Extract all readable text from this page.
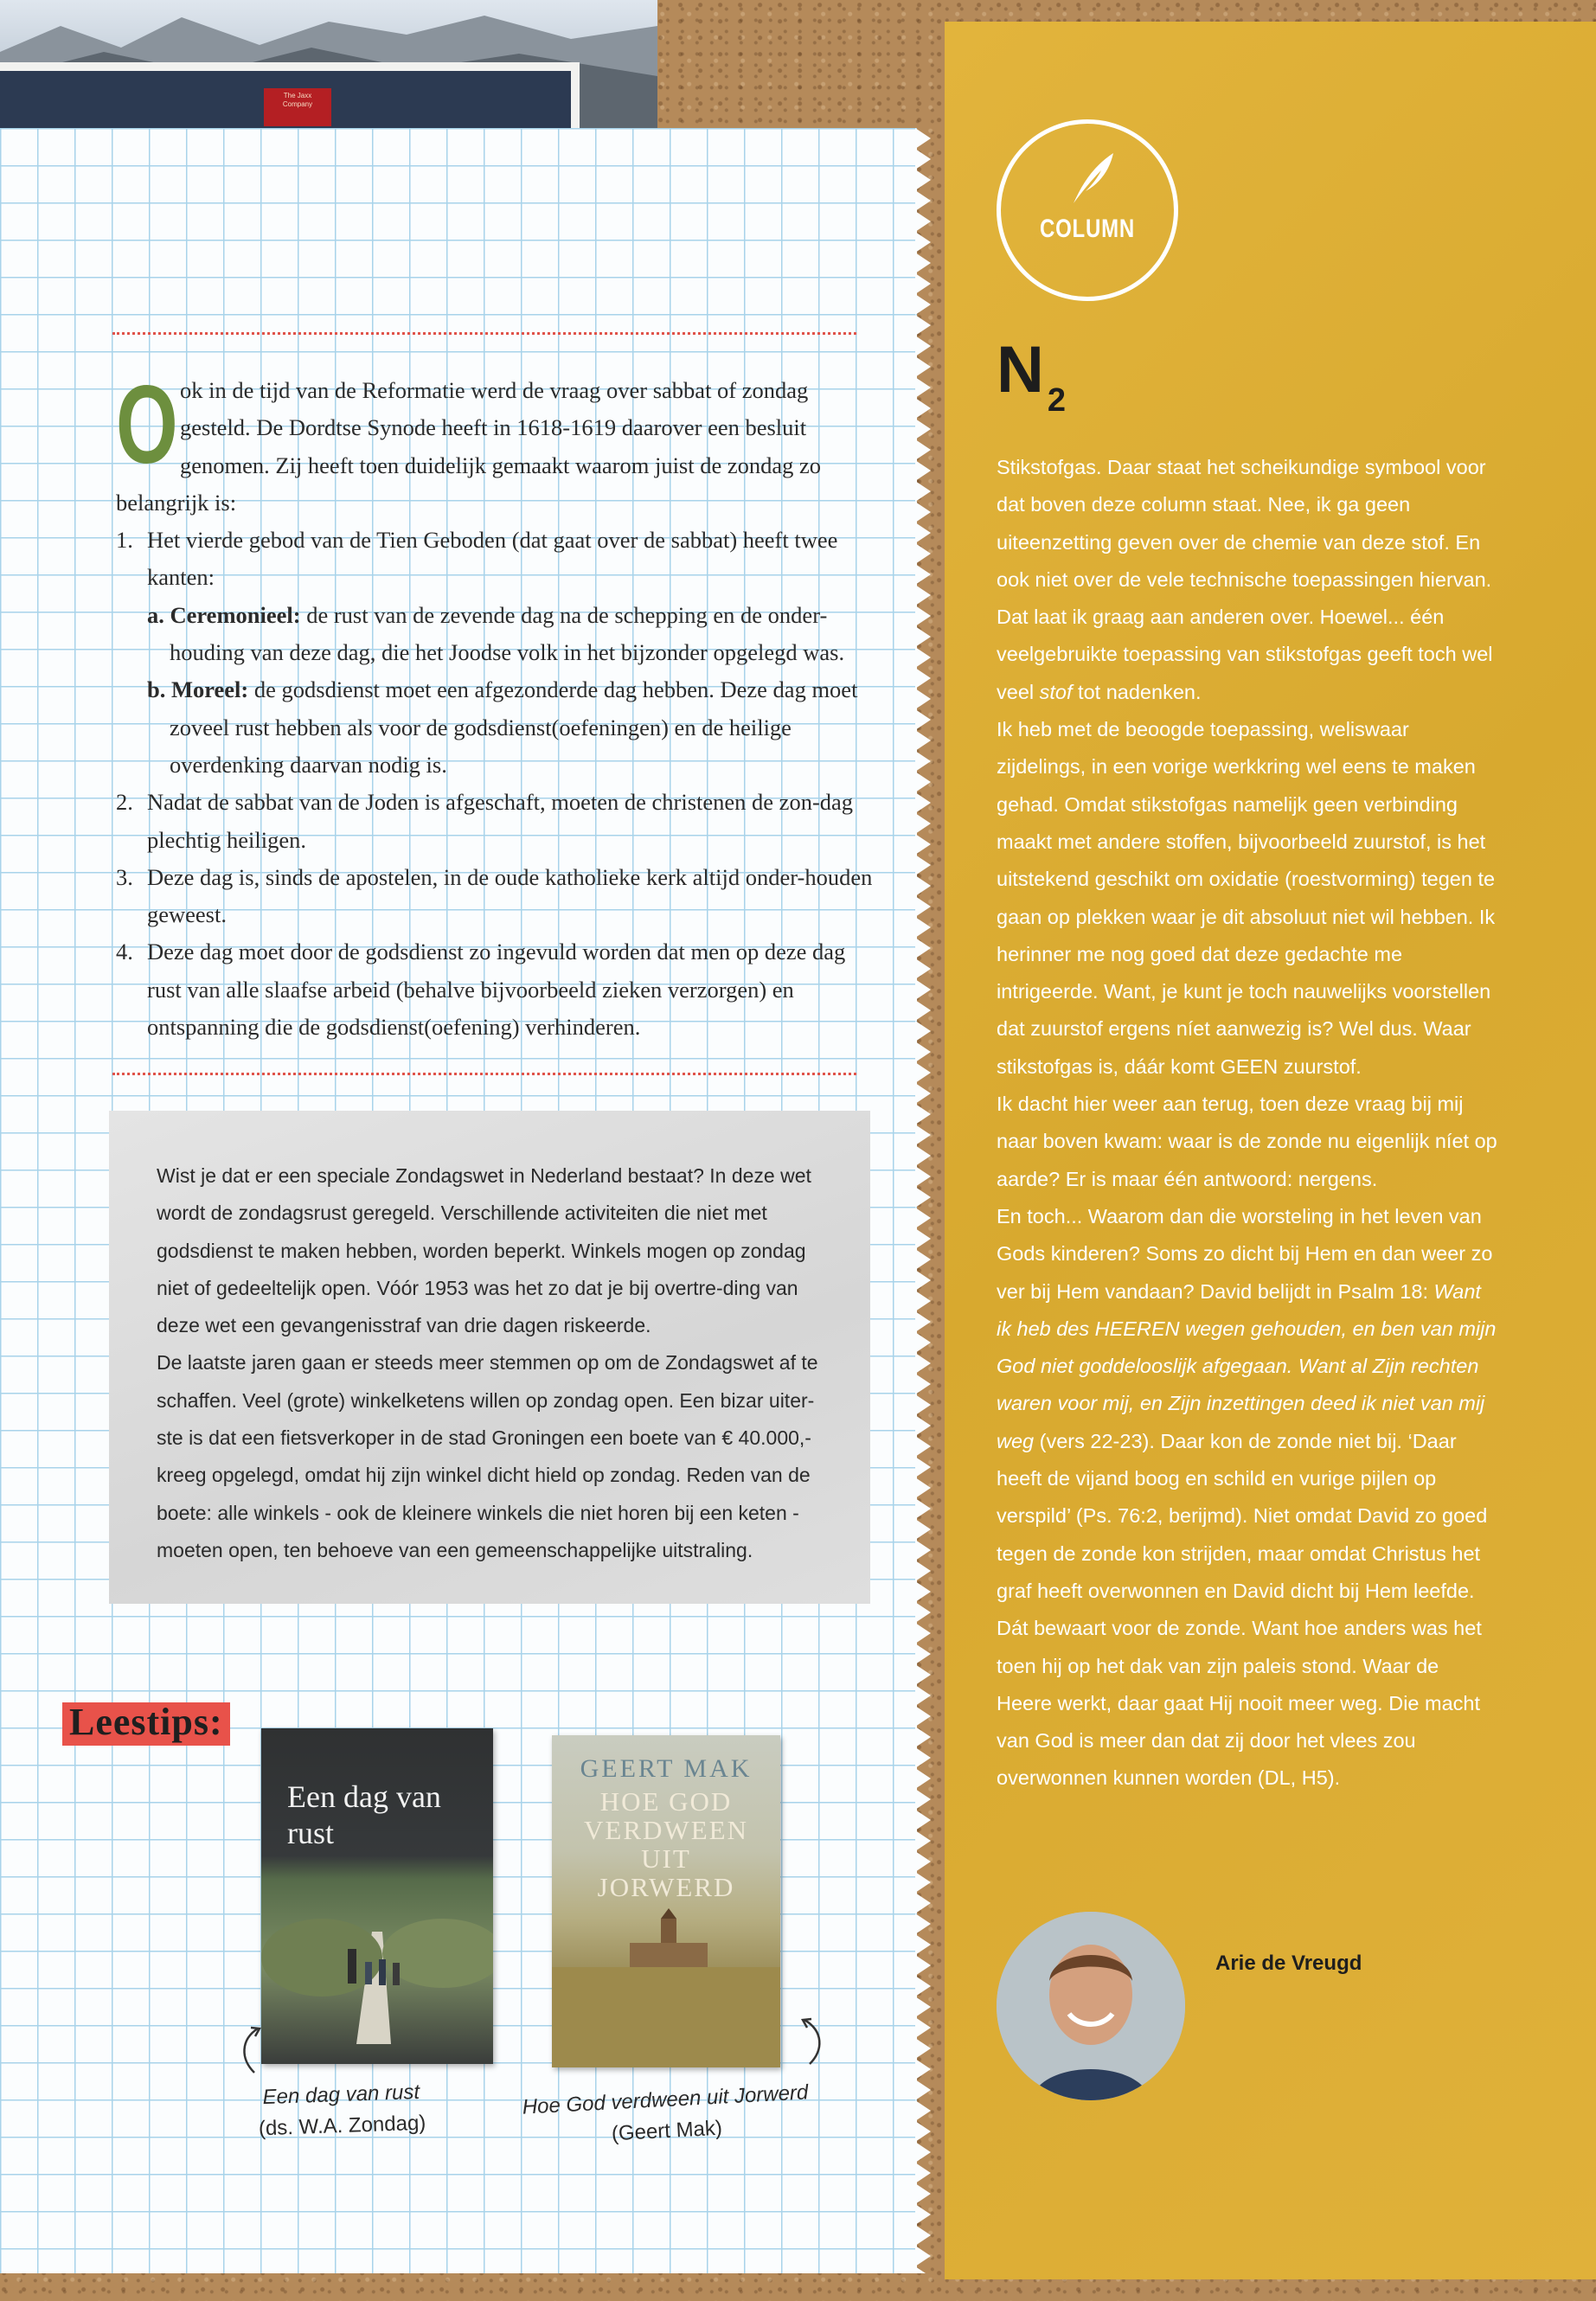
The Jaxx Company
O ok in de tijd van de Reformatie werd de vraag over sabbat of zondag gesteld. De Dordtse Synode heeft in 1618-1619 daarover een besluit genomen. Zij heeft toen duidelijk gemaakt waarom juist de zondag zo belangrijk is:

1. Het vierde gebod van de Tien Geboden (dat gaat over de sabbat) heeft twee kanten:
a. Ceremonieel: de rust van de zevende dag na de schepping en de onder-houding van deze dag, die het Joodse volk in het bijzonder opgelegd was.
b. Moreel: de godsdienst moet een afgezonderde dag hebben. Deze dag moet zoveel rust hebben als voor de godsdienst(oefeningen) en de heilige overdenking daarvan nodig is.
2. Nadat de sabbat van de Joden is afgeschaft, moeten de christenen de zon-dag plechtig heiligen.
3. Deze dag is, sinds de apostelen, in de oude katholieke kerk altijd onder-houden geweest.
4. Deze dag moet door de godsdienst zo ingevuld worden dat men op deze dag rust van alle slaafse arbeid (behalve bijvoorbeeld zieken verzorgen) en ontspanning die de godsdienst(oefening) verhinderen.
Wist je dat er een speciale Zondagswet in Nederland bestaat? In deze wet wordt de zondagsrust geregeld. Verschillende activiteiten die niet met godsdienst te maken hebben, worden beperkt. Winkels mogen op zondag niet of gedeeltelijk open. Vóór 1953 was het zo dat je bij overtre-ding van deze wet een gevangenisstraf van drie dagen riskeerde.
De laatste jaren gaan er steeds meer stemmen op om de Zondagswet af te schaffen. Veel (grote) winkelketens willen op zondag open. Een bizar uiter-ste is dat een fietsverkoper in de stad Groningen een boete van € 40.000,- kreeg opgelegd, omdat hij zijn winkel dicht hield op zondag. Reden van de boete: alle winkels - ook de kleinere winkels die niet horen bij een keten - moeten open, ten behoeve van een gemeenschappelijke uitstraling.
Leestips:
Een dag van rust
GEERT MAK
HOE GOD VERDWEEN UIT JORWERD
Een dag van rust
(ds. W.A. Zondag)
Hoe God verdween uit Jorwerd
(Geert Mak)
COLUMN
N $_2$

Stikstofgas. Daar staat het scheikundige symbool voor dat boven deze column staat. Nee, ik ga geen uiteenzetting geven over de chemie van deze stof. En ook niet over de vele technische toepassingen hiervan. Dat laat ik graag aan anderen over. Hoewel... één veelgebruikte toepassing van stikstofgas geeft toch wel veel stof tot nadenken.

Ik heb met de beoogde toepassing, weliswaar zijdelings, in een vorige werkkring wel eens te maken gehad. Omdat stikstofgas namelijk geen verbinding maakt met andere stoffen, bijvoorbeeld zuurstof, is het uitstekend geschikt om oxidatie (roestvorming) tegen te gaan op plekken waar je dit absoluut niet wil hebben. Ik herinner me nog goed dat deze gedachte me intrigeerde. Want, je kunt je toch nauwelijks voorstellen dat zuurstof ergens níet aanwezig is? Wel dus. Waar stikstofgas is, dáár komt GEEN zuurstof.

Ik dacht hier weer aan terug, toen deze vraag bij mij naar boven kwam: waar is de zonde nu eigenlijk níet op aarde? Er is maar één antwoord: nergens.

En toch... Waarom dan die worsteling in het leven van Gods kinderen? Soms zo dicht bij Hem en dan weer zo ver bij Hem vandaan? David belijdt in Psalm 18: Want ik heb des HEEREN wegen gehouden, en ben van mijn God niet goddelooslijk afgegaan. Want al Zijn rechten waren voor mij, en Zijn inzettingen deed ik niet van mij weg (vers 22-23). Daar kon de zonde niet bij. ‘Daar heeft de vijand boog en schild en vurige pijlen op verspild’ (Ps. 76:2, berijmd). Niet omdat David zo goed tegen de zonde kon strijden, maar omdat Christus het graf heeft overwonnen en David dicht bij Hem leefde. Dát bewaart voor de zonde. Want hoe anders was het toen hij op het dak van zijn paleis stond. Waar de Heere werkt, daar gaat Hij nooit meer weg. Die macht van God is meer dan dat zij door het vlees zou overwonnen kunnen worden (DL, H5).

Arie de Vreugd
